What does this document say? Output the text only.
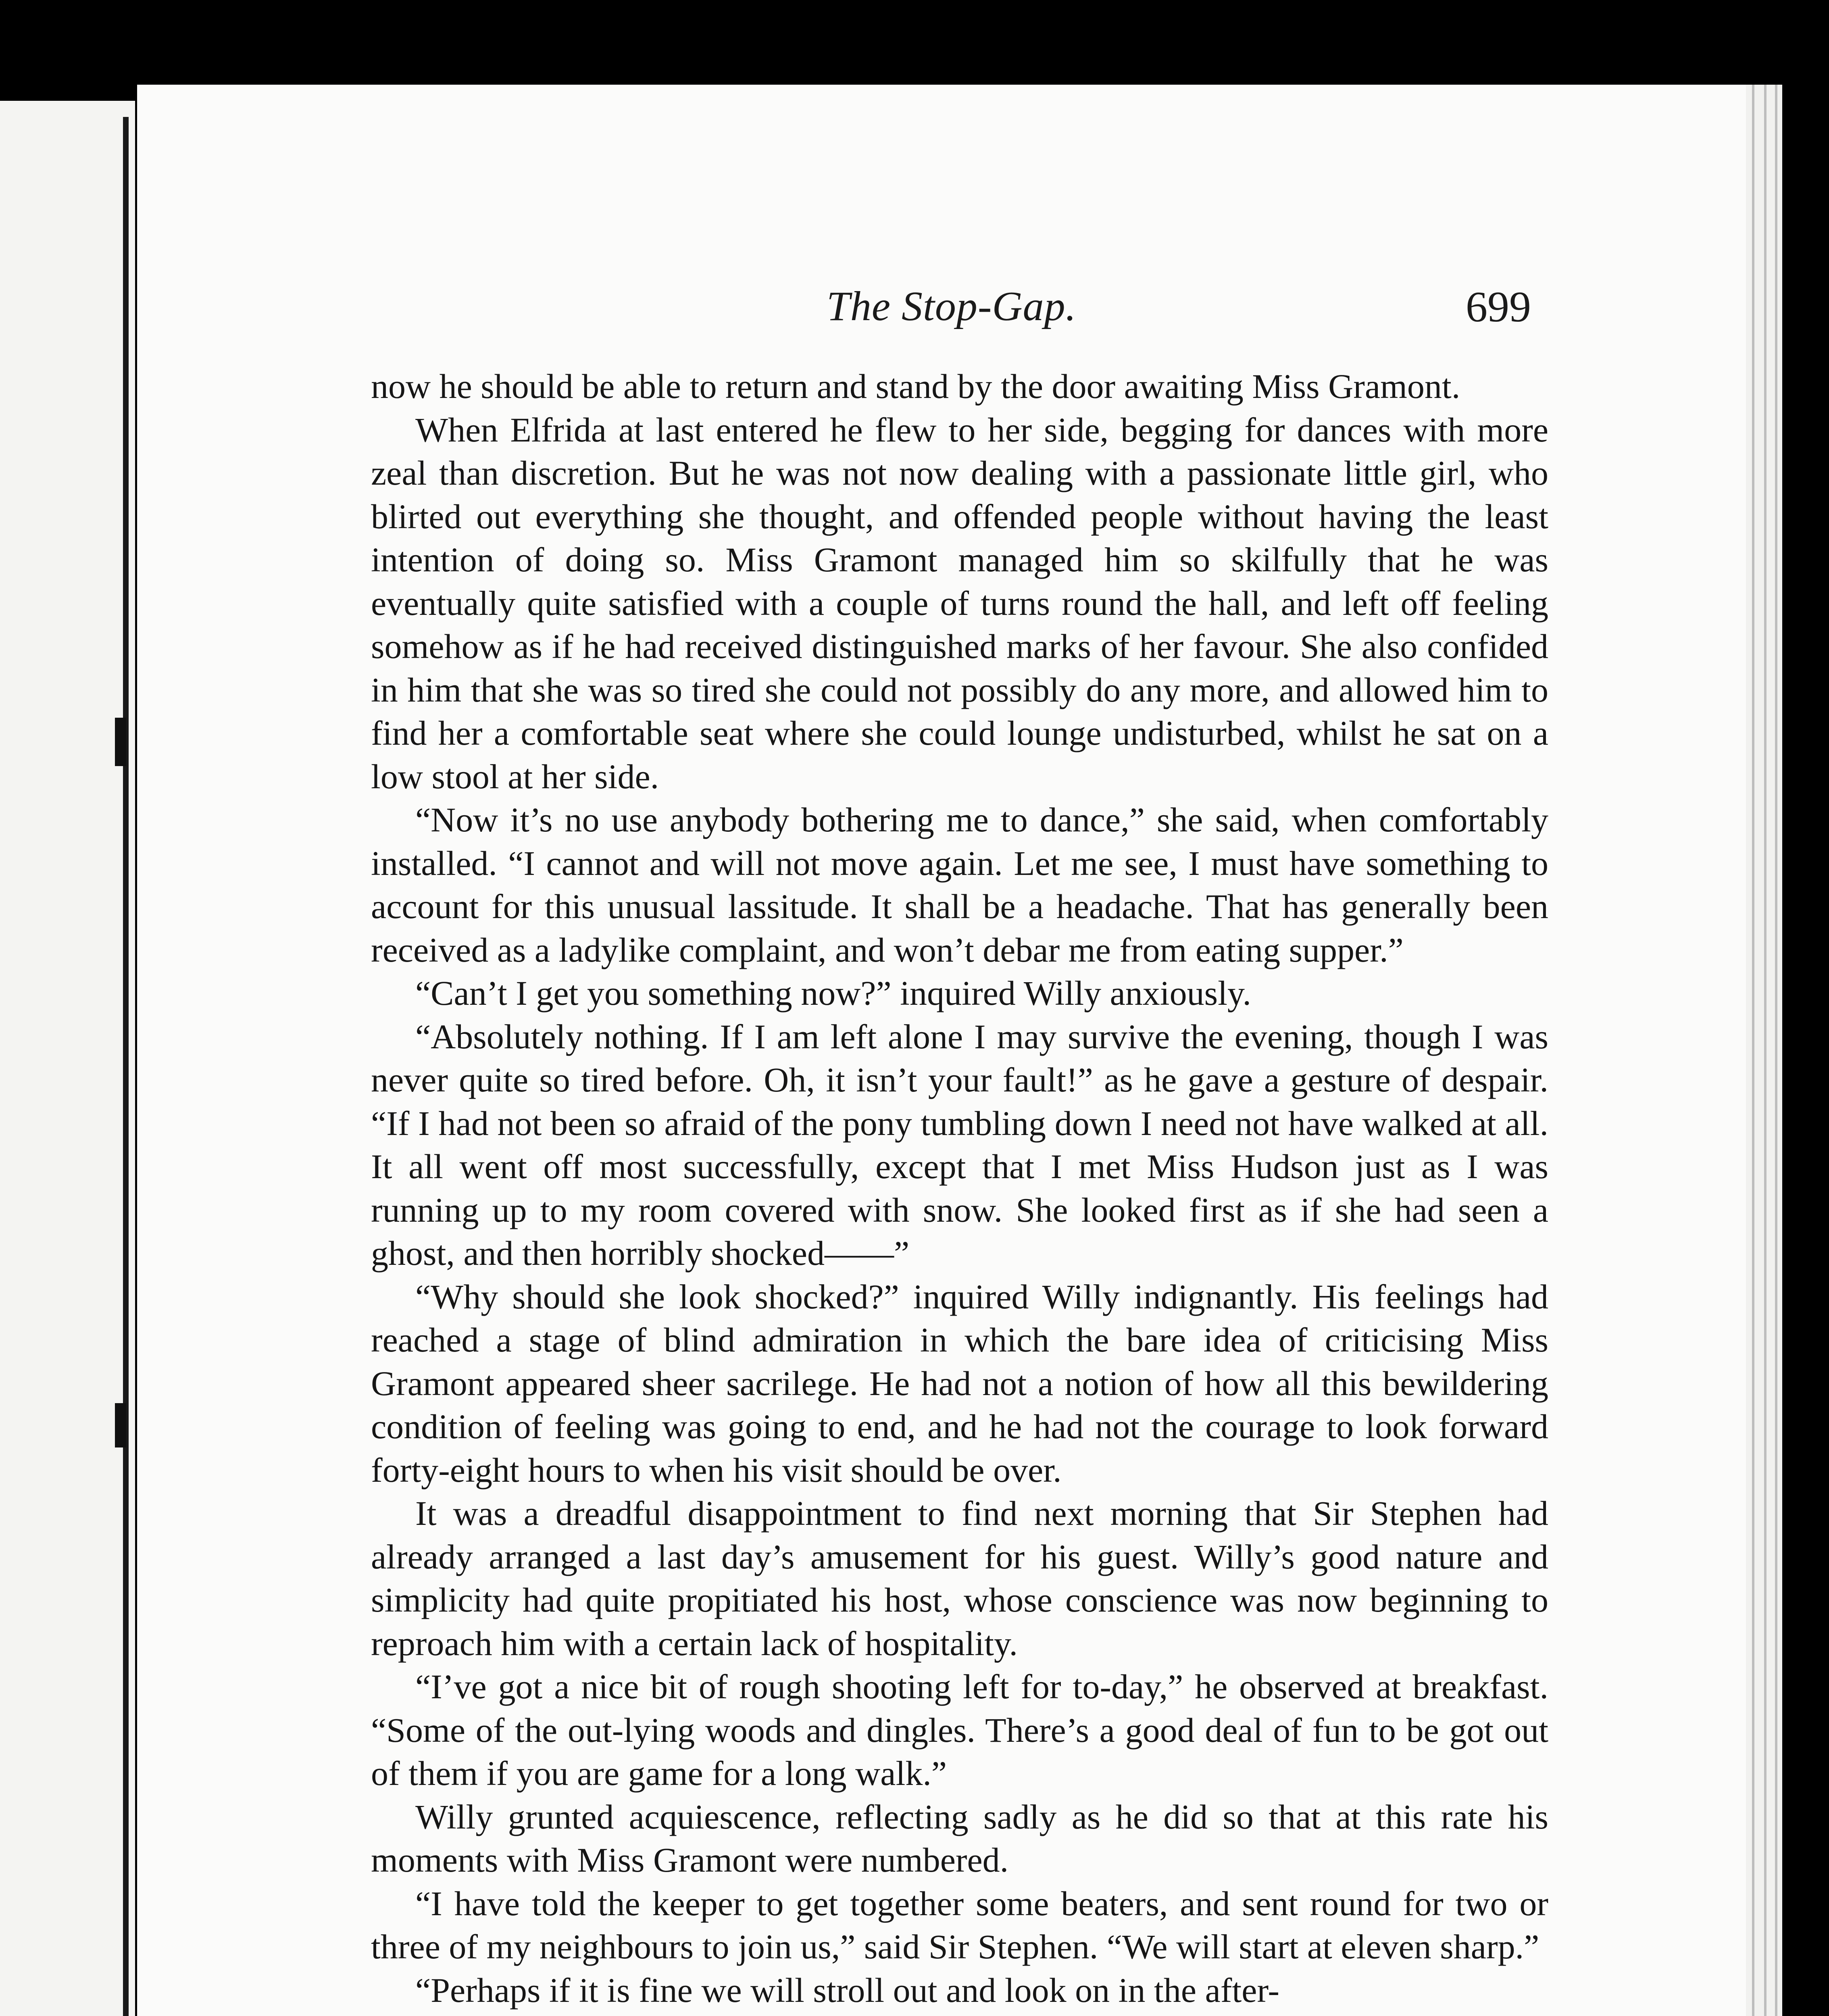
The Stop-Gap.	699

now he should be able to return and stand by the door awaiting Miss Gramont.

When Elfrida at last entered he flew to her side, begging for dances with more zeal than discretion. But he was not now dealing with a passionate little girl, who blirted out everything she thought, and offended people without having the least intention of doing so. Miss Gramont managed him so skilfully that he was eventually quite satisfied with a couple of turns round the hall, and left off feeling somehow as if he had received distinguished marks of her favour. She also confided in him that she was so tired she could not possibly do any more, and allowed him to find her a comfortable seat where she could lounge undisturbed, whilst he sat on a low stool at her side.

“Now it’s no use anybody bothering me to dance,” she said, when comfortably installed. “I cannot and will not move again. Let me see, I must have something to account for this unusual lassitude. It shall be a headache. That has generally been received as a ladylike complaint, and won’t debar me from eating supper.”

“Can’t I get you something now?” inquired Willy anxiously.

“Absolutely nothing. If I am left alone I may survive the evening, though I was never quite so tired before. Oh, it isn’t your fault!” as he gave a gesture of despair. “If I had not been so afraid of the pony tumbling down I need not have walked at all. It all went off most successfully, except that I met Miss Hudson just as I was running up to my room covered with snow. She looked first as if she had seen a ghost, and then horribly shocked——”

“Why should she look shocked?” inquired Willy indignantly. His feelings had reached a stage of blind admiration in which the bare idea of criticising Miss Gramont appeared sheer sacrilege. He had not a notion of how all this bewildering condition of feeling was going to end, and he had not the courage to look forward forty-eight hours to when his visit should be over.

It was a dreadful disappointment to find next morning that Sir Stephen had already arranged a last day’s amusement for his guest. Willy’s good nature and simplicity had quite propitiated his host, whose conscience was now beginning to reproach him with a certain lack of hospitality.

“I’ve got a nice bit of rough shooting left for to-day,” he observed at breakfast. “Some of the out-lying woods and dingles. There’s a good deal of fun to be got out of them if you are game for a long walk.”

Willy grunted acquiescence, reflecting sadly as he did so that at this rate his moments with Miss Gramont were numbered.

“I have told the keeper to get together some beaters, and sent round for two or three of my neighbours to join us,” said Sir Stephen. “We will start at eleven sharp.”

“Perhaps if it is fine we will stroll out and look on in the after-
